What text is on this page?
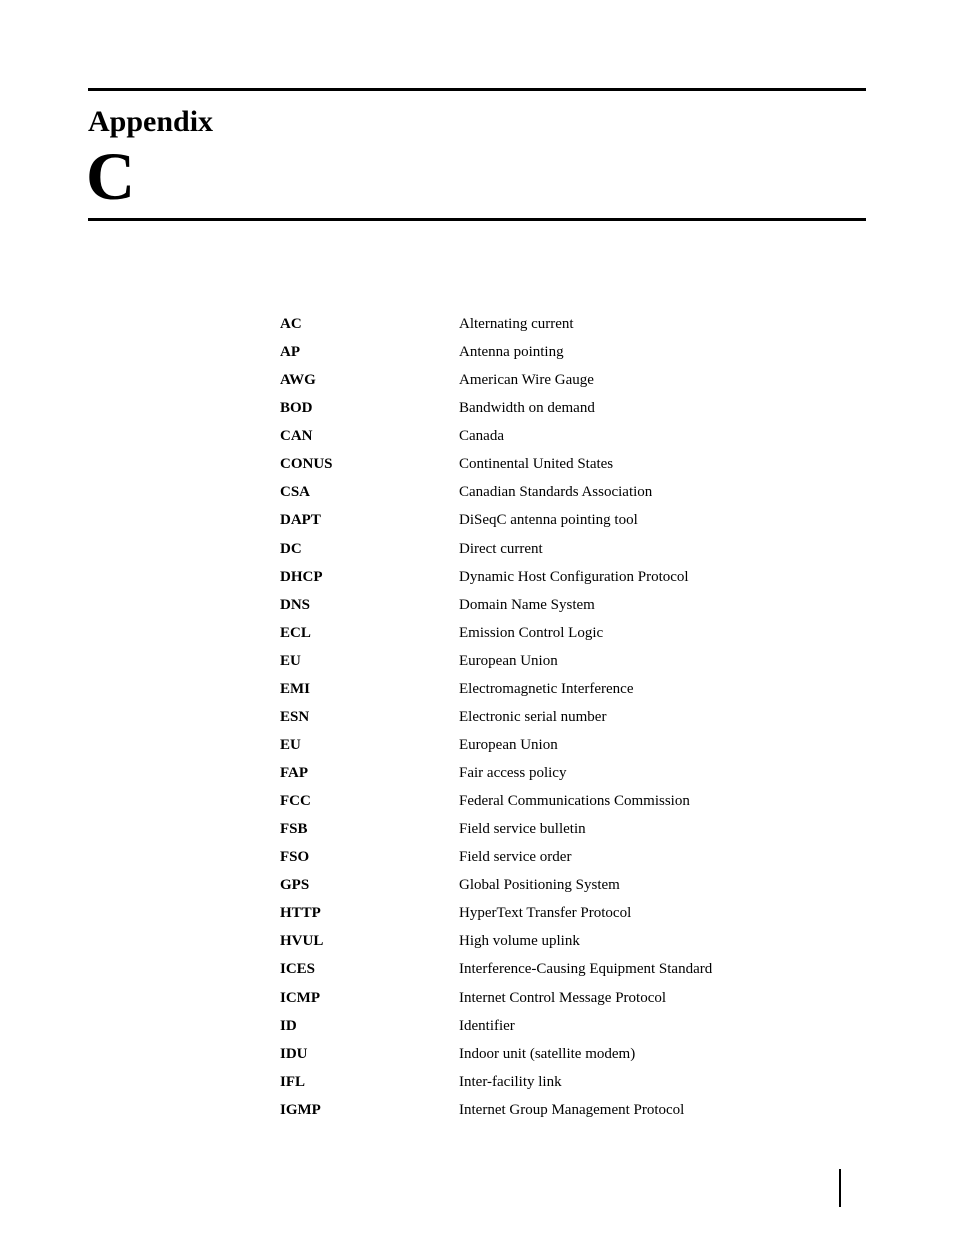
Appendix
C
AC	Alternating current
AP	Antenna pointing
AWG	American Wire Gauge
BOD	Bandwidth on demand
CAN	Canada
CONUS	Continental United States
CSA	Canadian Standards Association
DAPT	DiSeqC antenna pointing tool
DC	Direct current
DHCP	Dynamic Host Configuration Protocol
DNS	Domain Name System
ECL	Emission Control Logic
EU	European Union
EMI	Electromagnetic Interference
ESN	Electronic serial number
EU	European Union
FAP	Fair access policy
FCC	Federal Communications Commission
FSB	Field service bulletin
FSO	Field service order
GPS	Global Positioning System
HTTP	HyperText Transfer Protocol
HVUL	High volume uplink
ICES	Interference-Causing Equipment Standard
ICMP	Internet Control Message Protocol
ID	Identifier
IDU	Indoor unit (satellite modem)
IFL	Inter-facility link
IGMP	Internet Group Management Protocol
